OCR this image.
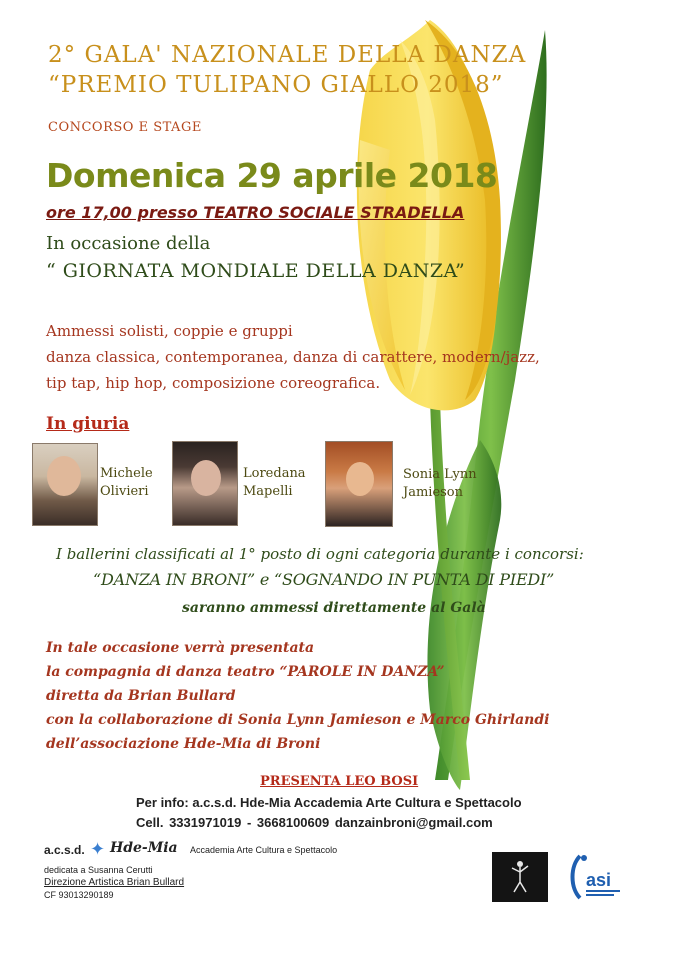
2° GALA' NAZIONALE DELLA DANZA

“PREMIO TULIPANO GIALLO 2018”

CONCORSO E STAGE

Domenica 29 aprile 2018

ore 17,00 presso TEATRO SOCIALE STRADELLA

In occasione della

“ GIORNATA MONDIALE DELLA DANZA”

Ammessi solisti, coppie e gruppi

danza classica, contemporanea, danza di carattere, modern/jazz,

tip tap, hip hop, composizione coreografica.

In giuria

Michele
Olivieri
Loredana
Mapelli
Sonia Lynn
Jamieson

I ballerini classificati al 1° posto di ogni categoria durante i concorsi:

“DANZA IN BRONI” e “SOGNANDO IN PUNTA DI PIEDI”

saranno ammessi direttamente al Galà

In tale occasione verrà presentata

la compagnia di danza teatro “PAROLE IN DANZA”

diretta da Brian Bullard

con la collaborazione di Sonia Lynn Jamieson e Marco Ghirlandi

dell’associazione Hde-Mia di Broni

PRESENTA LEO BOSI

Per info: a.c.s.d. Hde-Mia Accademia Arte Cultura e Spettacolo

Cell. 3331971019 - 3668100609 danzainbroni@gmail.com

a.c.s.d. ✦ Hde-Mia Accademia Arte Cultura e Spettacolo

dedicata a Susanna Cerutti

Direzione Artistica Brian Bullard

CF 93013290189

asi
